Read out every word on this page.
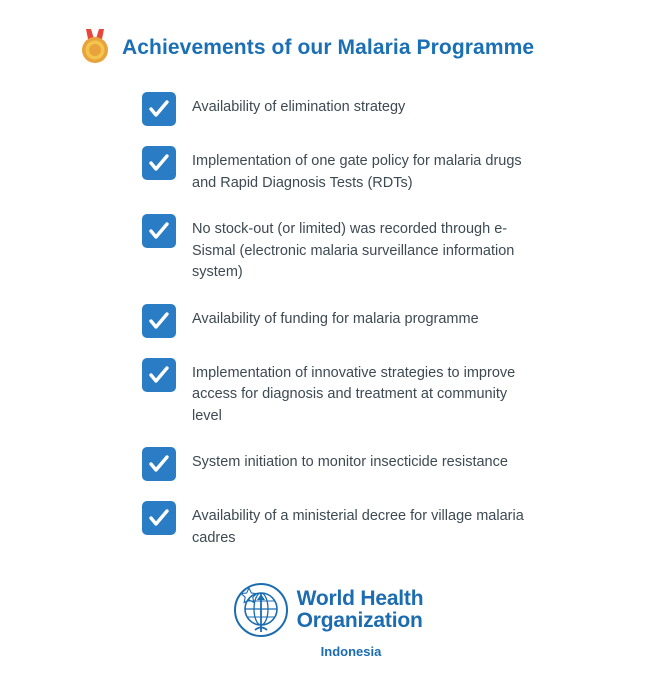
Achievements of our Malaria Programme
Availability of elimination strategy
Implementation of one gate policy for malaria drugs and Rapid Diagnosis Tests (RDTs)
No stock-out (or limited) was recorded through e-Sismal (electronic malaria surveillance information system)
Availability of funding for malaria programme
Implementation of innovative strategies to improve access for diagnosis and treatment at community level
System initiation to monitor insecticide resistance
Availability of a ministerial decree for village malaria cadres
World Health
Organization
Indonesia
